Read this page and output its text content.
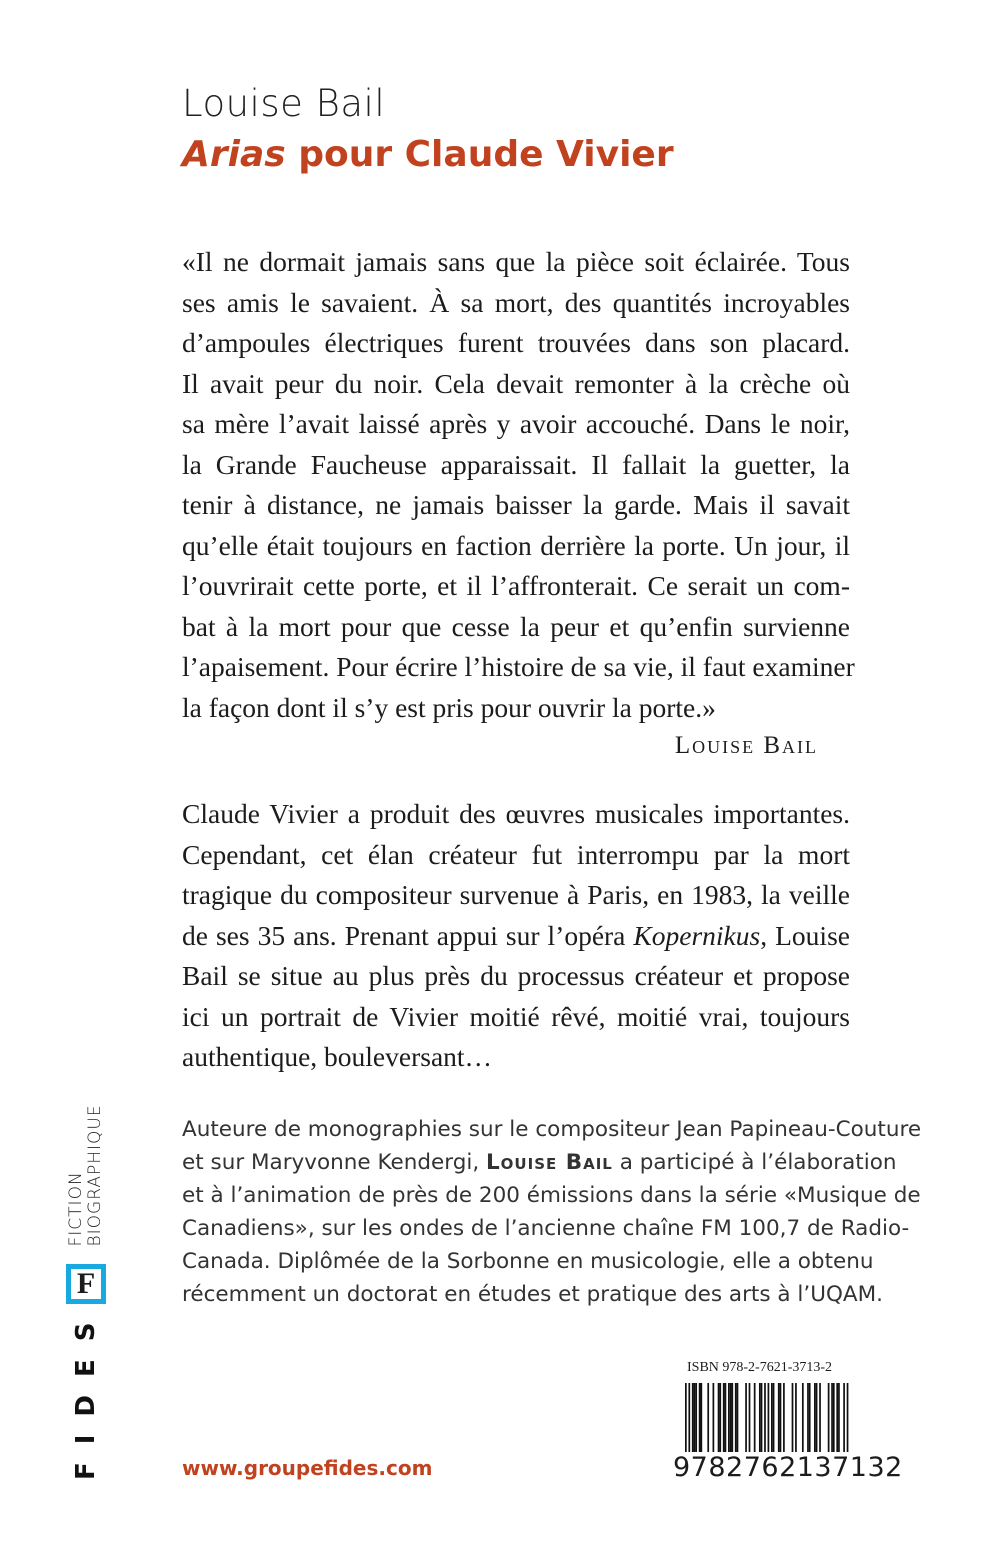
Louise Bail
Arias pour Claude Vivier
«Il ne dormait jamais sans que la pièce soit éclairée. Tous
ses amis le savaient. À sa mort, des quantités incroyables
d’ampoules électriques furent trouvées dans son placard.
Il avait peur du noir. Cela devait remonter à la crèche où
sa mère l’avait laissé après y avoir accouché. Dans le noir,
la Grande Faucheuse apparaissait. Il fallait la guetter, la
tenir à distance, ne jamais baisser la garde. Mais il savait
qu’elle était toujours en faction derrière la porte. Un jour, il
l’ouvrirait cette porte, et il l’affronterait. Ce serait un com-
bat à la mort pour que cesse la peur et qu’enfin survienne
l’apaisement. Pour écrire l’histoire de sa vie, il faut examiner
la façon dont il s’y est pris pour ouvrir la porte.»
Louise Bail
Claude Vivier a produit des œuvres musicales importantes.
Cependant, cet élan créateur fut interrompu par la mort
tragique du compositeur survenue à Paris, en 1983, la veille
de ses 35 ans. Prenant appui sur l’opéra Kopernikus, Louise
Bail se situe au plus près du processus créateur et propose
ici un portrait de Vivier moitié rêvé, moitié vrai, toujours
authentique, bouleversant…
Auteure de monographies sur le compositeur Jean Papineau-Couture
et sur Maryvonne Kendergi, Louise Bail a participé à l’élaboration
et à l’animation de près de 200 émissions dans la série «Musique de
Canadiens», sur les ondes de l’ancienne chaîne FM 100,7 de Radio-
Canada. Diplômée de la Sorbonne en musicologie, elle a obtenu
récemment un doctorat en études et pratique des arts à l’UQAM.
FIDES
F
FICTION
BIOGRAPHIQUE
www.groupefides.com
ISBN 978-2-7621-3713-2
9782762137132
